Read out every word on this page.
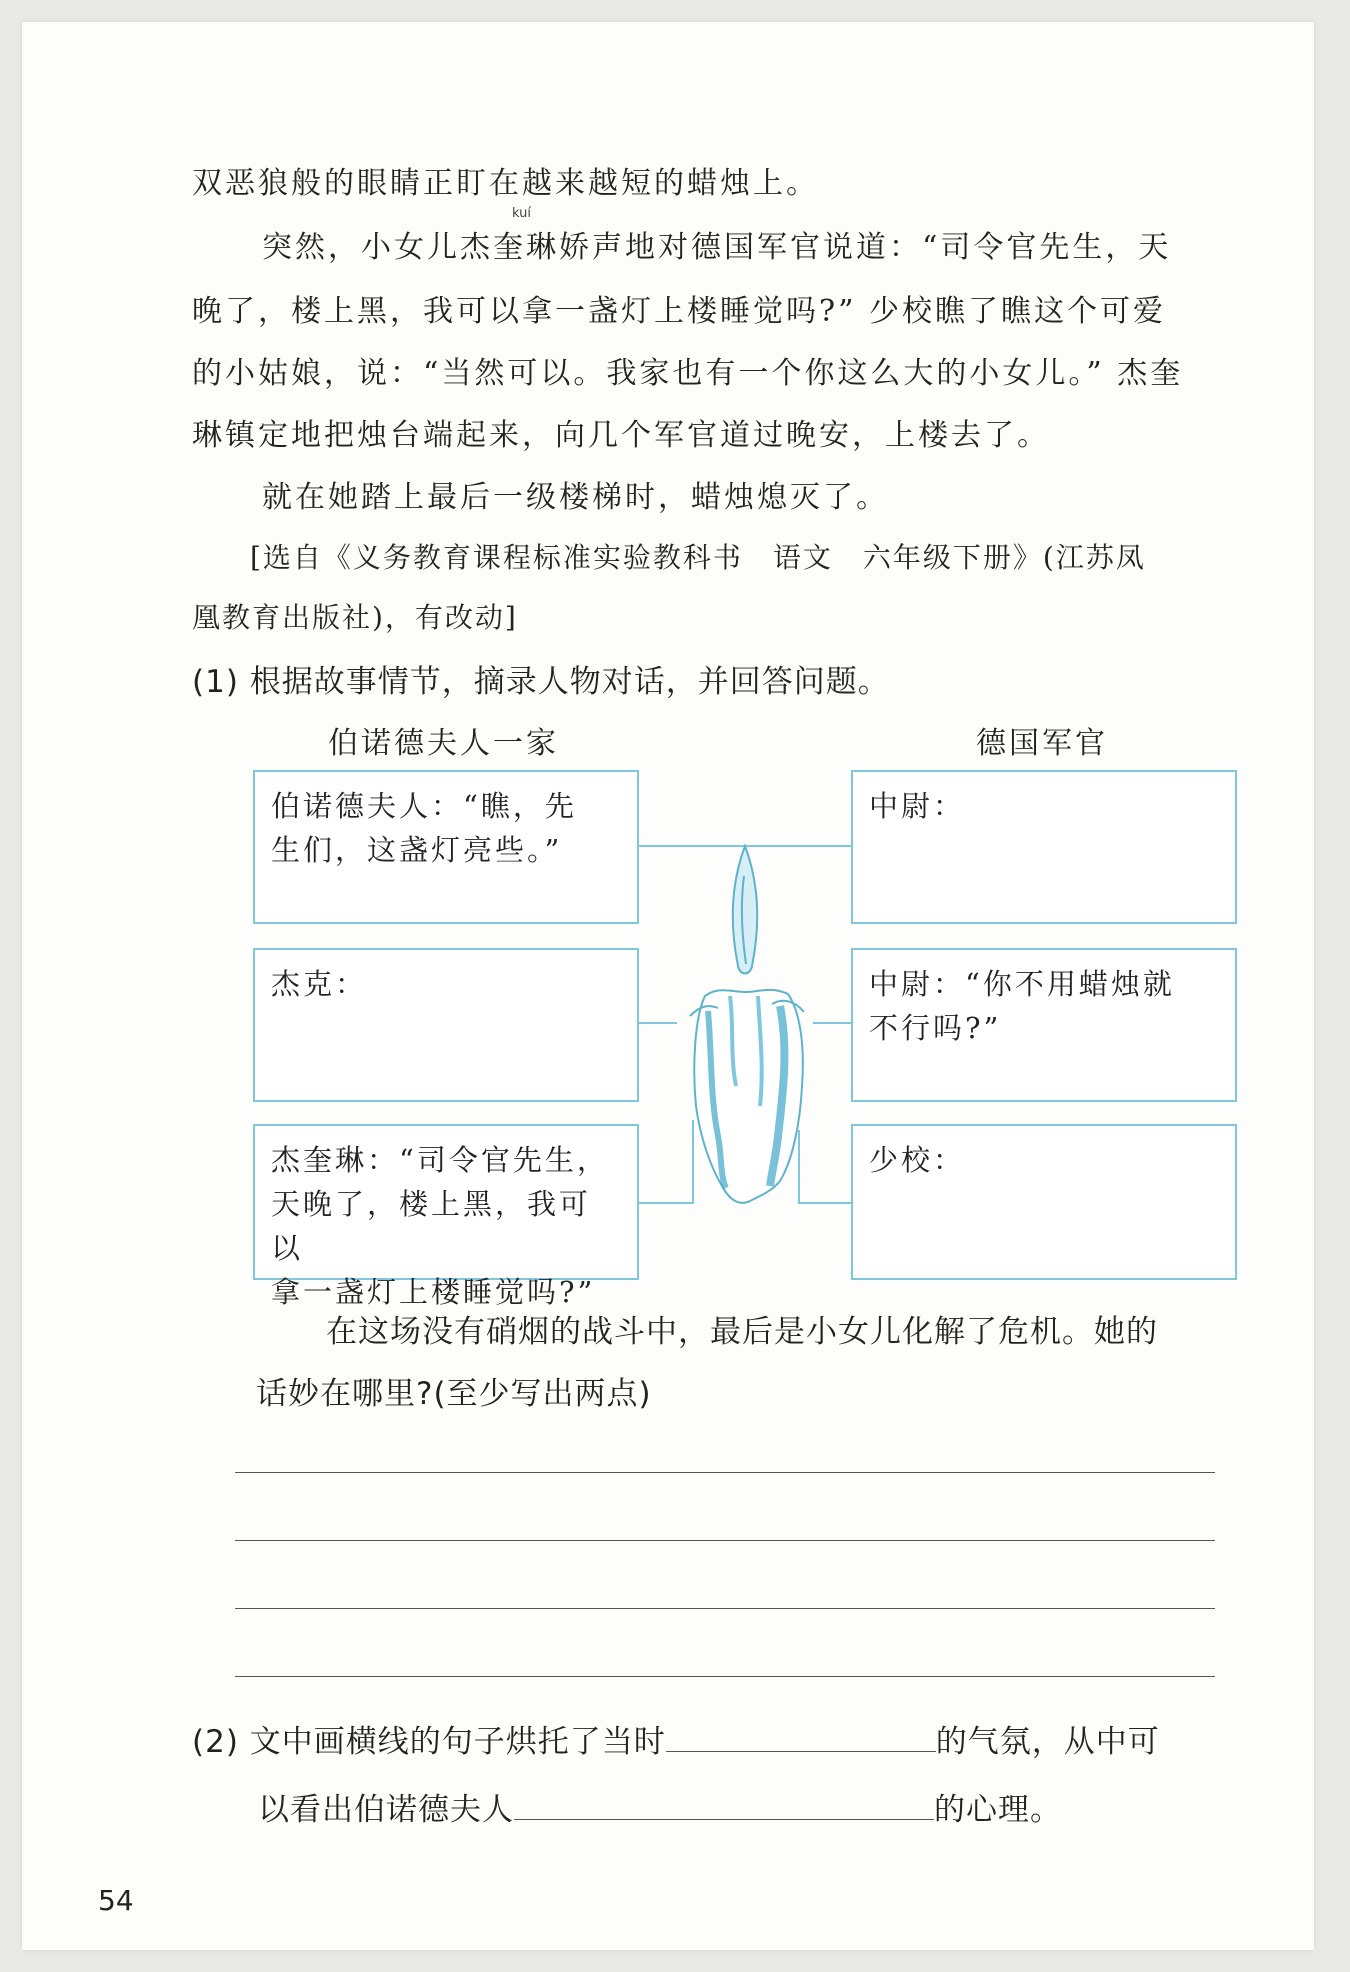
双恶狼般的眼睛正盯在越来越短的蜡烛上。
kuí
突然，小女儿杰奎琳娇声地对德国军官说道：“司令官先生，天
晚了，楼上黑，我可以拿一盏灯上楼睡觉吗?” 少校瞧了瞧这个可爱
的小姑娘，说：“当然可以。我家也有一个你这么大的小女儿。” 杰奎
琳镇定地把烛台端起来，向几个军官道过晚安，上楼去了。
就在她踏上最后一级楼梯时，蜡烛熄灭了。
[选自《义务教育课程标准实验教科书　语文　六年级下册》(江苏凤
凰教育出版社)，有改动]
(1) 根据故事情节，摘录人物对话，并回答问题。
伯诺德夫人一家	德国军官
伯诺德夫人：“瞧，先
生们，这盏灯亮些。”
杰克：
杰奎琳：“司令官先生，
天晚了，楼上黑，我可以
拿一盏灯上楼睡觉吗?”
中尉：
中尉：“你不用蜡烛就
不行吗?”
少校：
在这场没有硝烟的战斗中，最后是小女儿化解了危机。她的
话妙在哪里?(至少写出两点)
(2) 文中画横线的句子烘托了当时	的气氛，从中可
以看出伯诺德夫人	的心理。
54
